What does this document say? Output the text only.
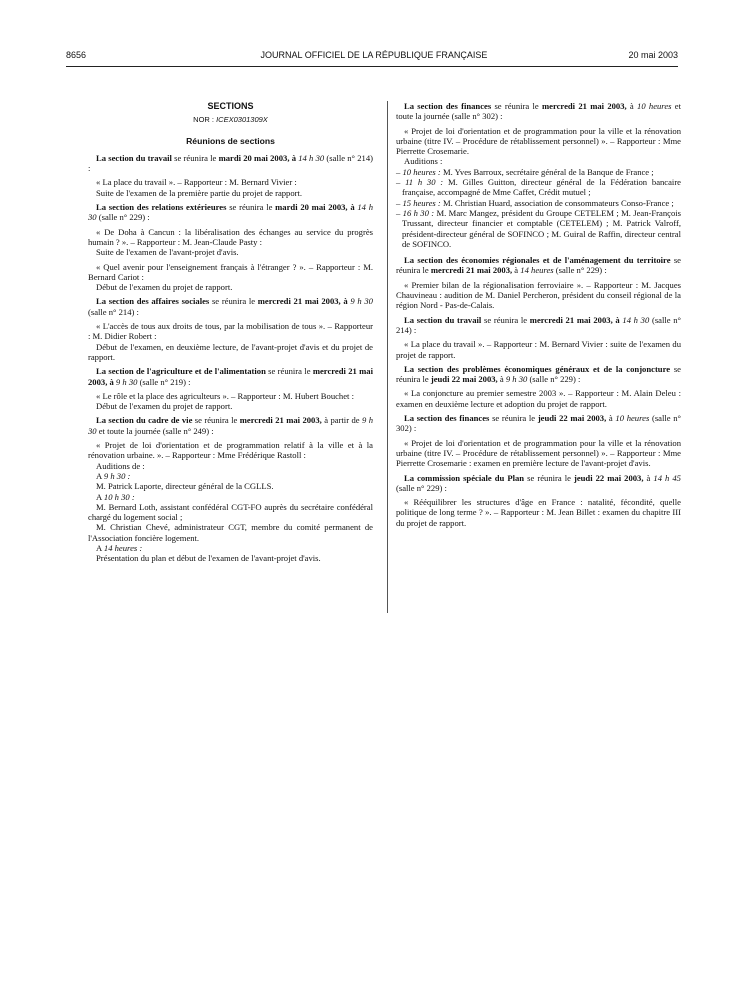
8656	JOURNAL OFFICIEL DE LA RÉPUBLIQUE FRANÇAISE	20 mai 2003
SECTIONS
NOR : ICEX0301309X
Réunions de sections

La section du travail se réunira le mardi 20 mai 2003, à 14 h 30 (salle n° 214) :

« La place du travail ». – Rapporteur : M. Bernard Vivier :

Suite de l'examen de la première partie du projet de rapport.

La section des relations extérieures se réunira le mardi 20 mai 2003, à 14 h 30 (salle n° 229) :

« De Doha à Cancun : la libéralisation des échanges au service du progrès humain ? ». – Rapporteur : M. Jean-Claude Pasty :

Suite de l'examen de l'avant-projet d'avis.

« Quel avenir pour l'enseignement français à l'étranger ? ». – Rapporteur : M. Bernard Cariot :

Début de l'examen du projet de rapport.

La section des affaires sociales se réunira le mercredi 21 mai 2003, à 9 h 30 (salle n° 214) :

« L'accès de tous aux droits de tous, par la mobilisation de tous ». – Rapporteur : M. Didier Robert :

Début de l'examen, en deuxième lecture, de l'avant-projet d'avis et du projet de rapport.

La section de l'agriculture et de l'alimentation se réunira le mercredi 21 mai 2003, à 9 h 30 (salle n° 219) :

« Le rôle et la place des agriculteurs ». – Rapporteur : M. Hubert Bouchet :

Début de l'examen du projet de rapport.

La section du cadre de vie se réunira le mercredi 21 mai 2003, à partir de 9 h 30 et toute la journée (salle n° 249) :

« Projet de loi d'orientation et de programmation relatif à la ville et à la rénovation urbaine. ». – Rapporteur : Mme Frédérique Rastoll :

Auditions de :

A 9 h 30 :

M. Patrick Laporte, directeur général de la CGLLS.

A 10 h 30 :

M. Bernard Loth, assistant confédéral CGT-FO auprès du secrétaire confédéral chargé du logement social ;

M. Christian Chevé, administrateur CGT, membre du comité permanent de l'Association foncière logement.

A 14 heures :

Présentation du plan et début de l'examen de l'avant-projet d'avis.

La section des finances se réunira le mercredi 21 mai 2003, à 10 heures et toute la journée (salle n° 302) :

« Projet de loi d'orientation et de programmation pour la ville et la rénovation urbaine (titre IV. – Procédure de rétablissement personnel) ». – Rapporteur : Mme Pierrette Crosemarie.

Auditions :

– 10 heures : M. Yves Barroux, secrétaire général de la Banque de France ;

– 11 h 30 : M. Gilles Guitton, directeur général de la Fédération bancaire française, accompagné de Mme Caffet, Crédit mutuel ;

– 15 heures : M. Christian Huard, association de consommateurs Conso-France ;

– 16 h 30 : M. Marc Mangez, président du Groupe CETELEM ; M. Jean-François Trussant, directeur financier et comptable (CETELEM) ; M. Patrick Valroff, président-directeur général de SOFINCO ; M. Guiral de Raffin, directeur central de SOFINCO.

La section des économies régionales et de l'aménagement du territoire se réunira le mercredi 21 mai 2003, à 14 heures (salle n° 229) :

« Premier bilan de la régionalisation ferroviaire ». – Rapporteur : M. Jacques Chauvineau : audition de M. Daniel Percheron, président du conseil régional de la région Nord - Pas-de-Calais.

La section du travail se réunira le mercredi 21 mai 2003, à 14 h 30 (salle n° 214) :

« La place du travail ». – Rapporteur : M. Bernard Vivier : suite de l'examen du projet de rapport.

La section des problèmes économiques généraux et de la conjoncture se réunira le jeudi 22 mai 2003, à 9 h 30 (salle n° 229) :

« La conjoncture au premier semestre 2003 ». – Rapporteur : M. Alain Deleu : examen en deuxième lecture et adoption du projet de rapport.

La section des finances se réunira le jeudi 22 mai 2003, à 10 heures (salle n° 302) :

« Projet de loi d'orientation et de programmation pour la ville et la rénovation urbaine (titre IV. – Procédure de rétablissement personnel) ». – Rapporteur : Mme Pierrette Crosemarie : examen en première lecture de l'avant-projet d'avis.

La commission spéciale du Plan se réunira le jeudi 22 mai 2003, à 14 h 45 (salle n° 229) :

« Rééquilibrer les structures d'âge en France : natalité, fécondité, quelle politique de long terme ? ». – Rapporteur : M. Jean Billet : examen du chapitre III du projet de rapport.
